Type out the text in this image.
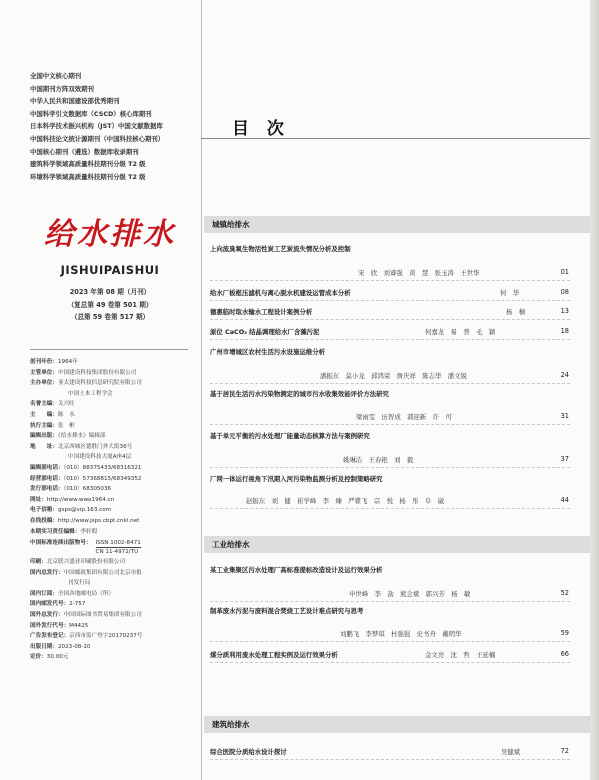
全国中文核心期刊
中国期刊方阵双效期刊
中华人民共和国建设部优秀期刊
中国科学引文数据库（CSCD）核心库期刊
日本科学技术振兴机构（JST）中国文献数据库
中国科技论文统计源期刊（中国科技核心期刊）
中国核心期刊（遴选）数据库收录期刊
建筑科学领域高质量科技期刊分级 T2 级
环境科学领域高质量科技期刊分级 T2 级
给水排水
JISHUIPAISHUI
2023 年第 08 期（月刊）
（复总第 49 卷第 501 期）
（总第 59 卷第 517 期）
创刊年份：1964年
主管单位：中国建设科技集团股份有限公司
主办单位：亚太建设科技信息研究院有限公司
中国土木工程学会
名誉主编：关兴旺
主　　编：陈　永
执行主编：张　彬
编辑出版：《给水排水》编辑部
地　　址：北京西城区德胜门外大街36号
中国建设科技大厦A座4层
编辑部电话：（010）88375433/68316321
经营部电话：（010）57368815/68349352
发行部电话：（010）68305036
网址：http://www.wwe1964.cn
电子信箱：gsps@vip.163.com
在线投稿：http://www.jsps.cbpt.cnki.net
本期实习责任编辑：李轩瑕
中国标准连续出版物号： ISSN 1002-8471
CN 11-4972/TU
印刷：北京联兴盛业印刷股份有限公司
国内总发行：中国邮政集团有限公司北京市报
刊发行局
国内订阅：全国各地邮电局（所）
国内邮发代号：2-757
国外总发行：中国国际图书贸易集团有限公司
国外发行代号：M4425
广告发布登记：京西市监广登字20170237号
出版日期：2023-08-10
定价：30.00元
目 次
城镇给排水
上向流臭氧生物活性炭工艺炭流失情况分析及控制
宋　欣　刘睿强　黄　慧　张玉涛　王世华	01
给水厂板框压滤机与离心脱水机建设运管成本分析	何　华	08
德惠临时取水输水工程设计案例分析	杨　桐	13
原位 CaCO₃ 结晶调理给水厂含藻污泥	何嘉龙　易　普　毛　颖	18
广州市增城区农村生活污水设施运维分析
潘振东　莫小龙　邱鸿荣　詹庆祥　陈志华　潘文锐	24
基于居民生活污水污染物测定的城市污水收集效能评价方法研究
梁雨雯　历智成　郭迎新　许　可	31
基于单元平衡的污水处理厂能量动态核算方法与案例研究
姚琳洁　王春艳　刘　毅	37
厂网一体运行视角下汛期入河污染物监测分析及控制策略研究
赵振东　刘　健　崔学峰　李　臻　严瞿飞　宗　悦　杨　彤　阜　崴	44
工业给排水
某工业集聚区污水处理厂高标准提标改造设计及运行效果分析
申世峰　李　劼　熊会斌　郭兴芳　杨　敏	52
制革废水污泥与废料混合焚烧工艺设计难点研究与思考
刘鹏飞　李梦琪　杜强强　史书舟　戴明华	59
煤分质利用废水处理工程实例及运行效果分析	金文亮　沈　哲　王延楠	66
建筑给排水
综合医院分质给水设计探讨	吴健斌	72
